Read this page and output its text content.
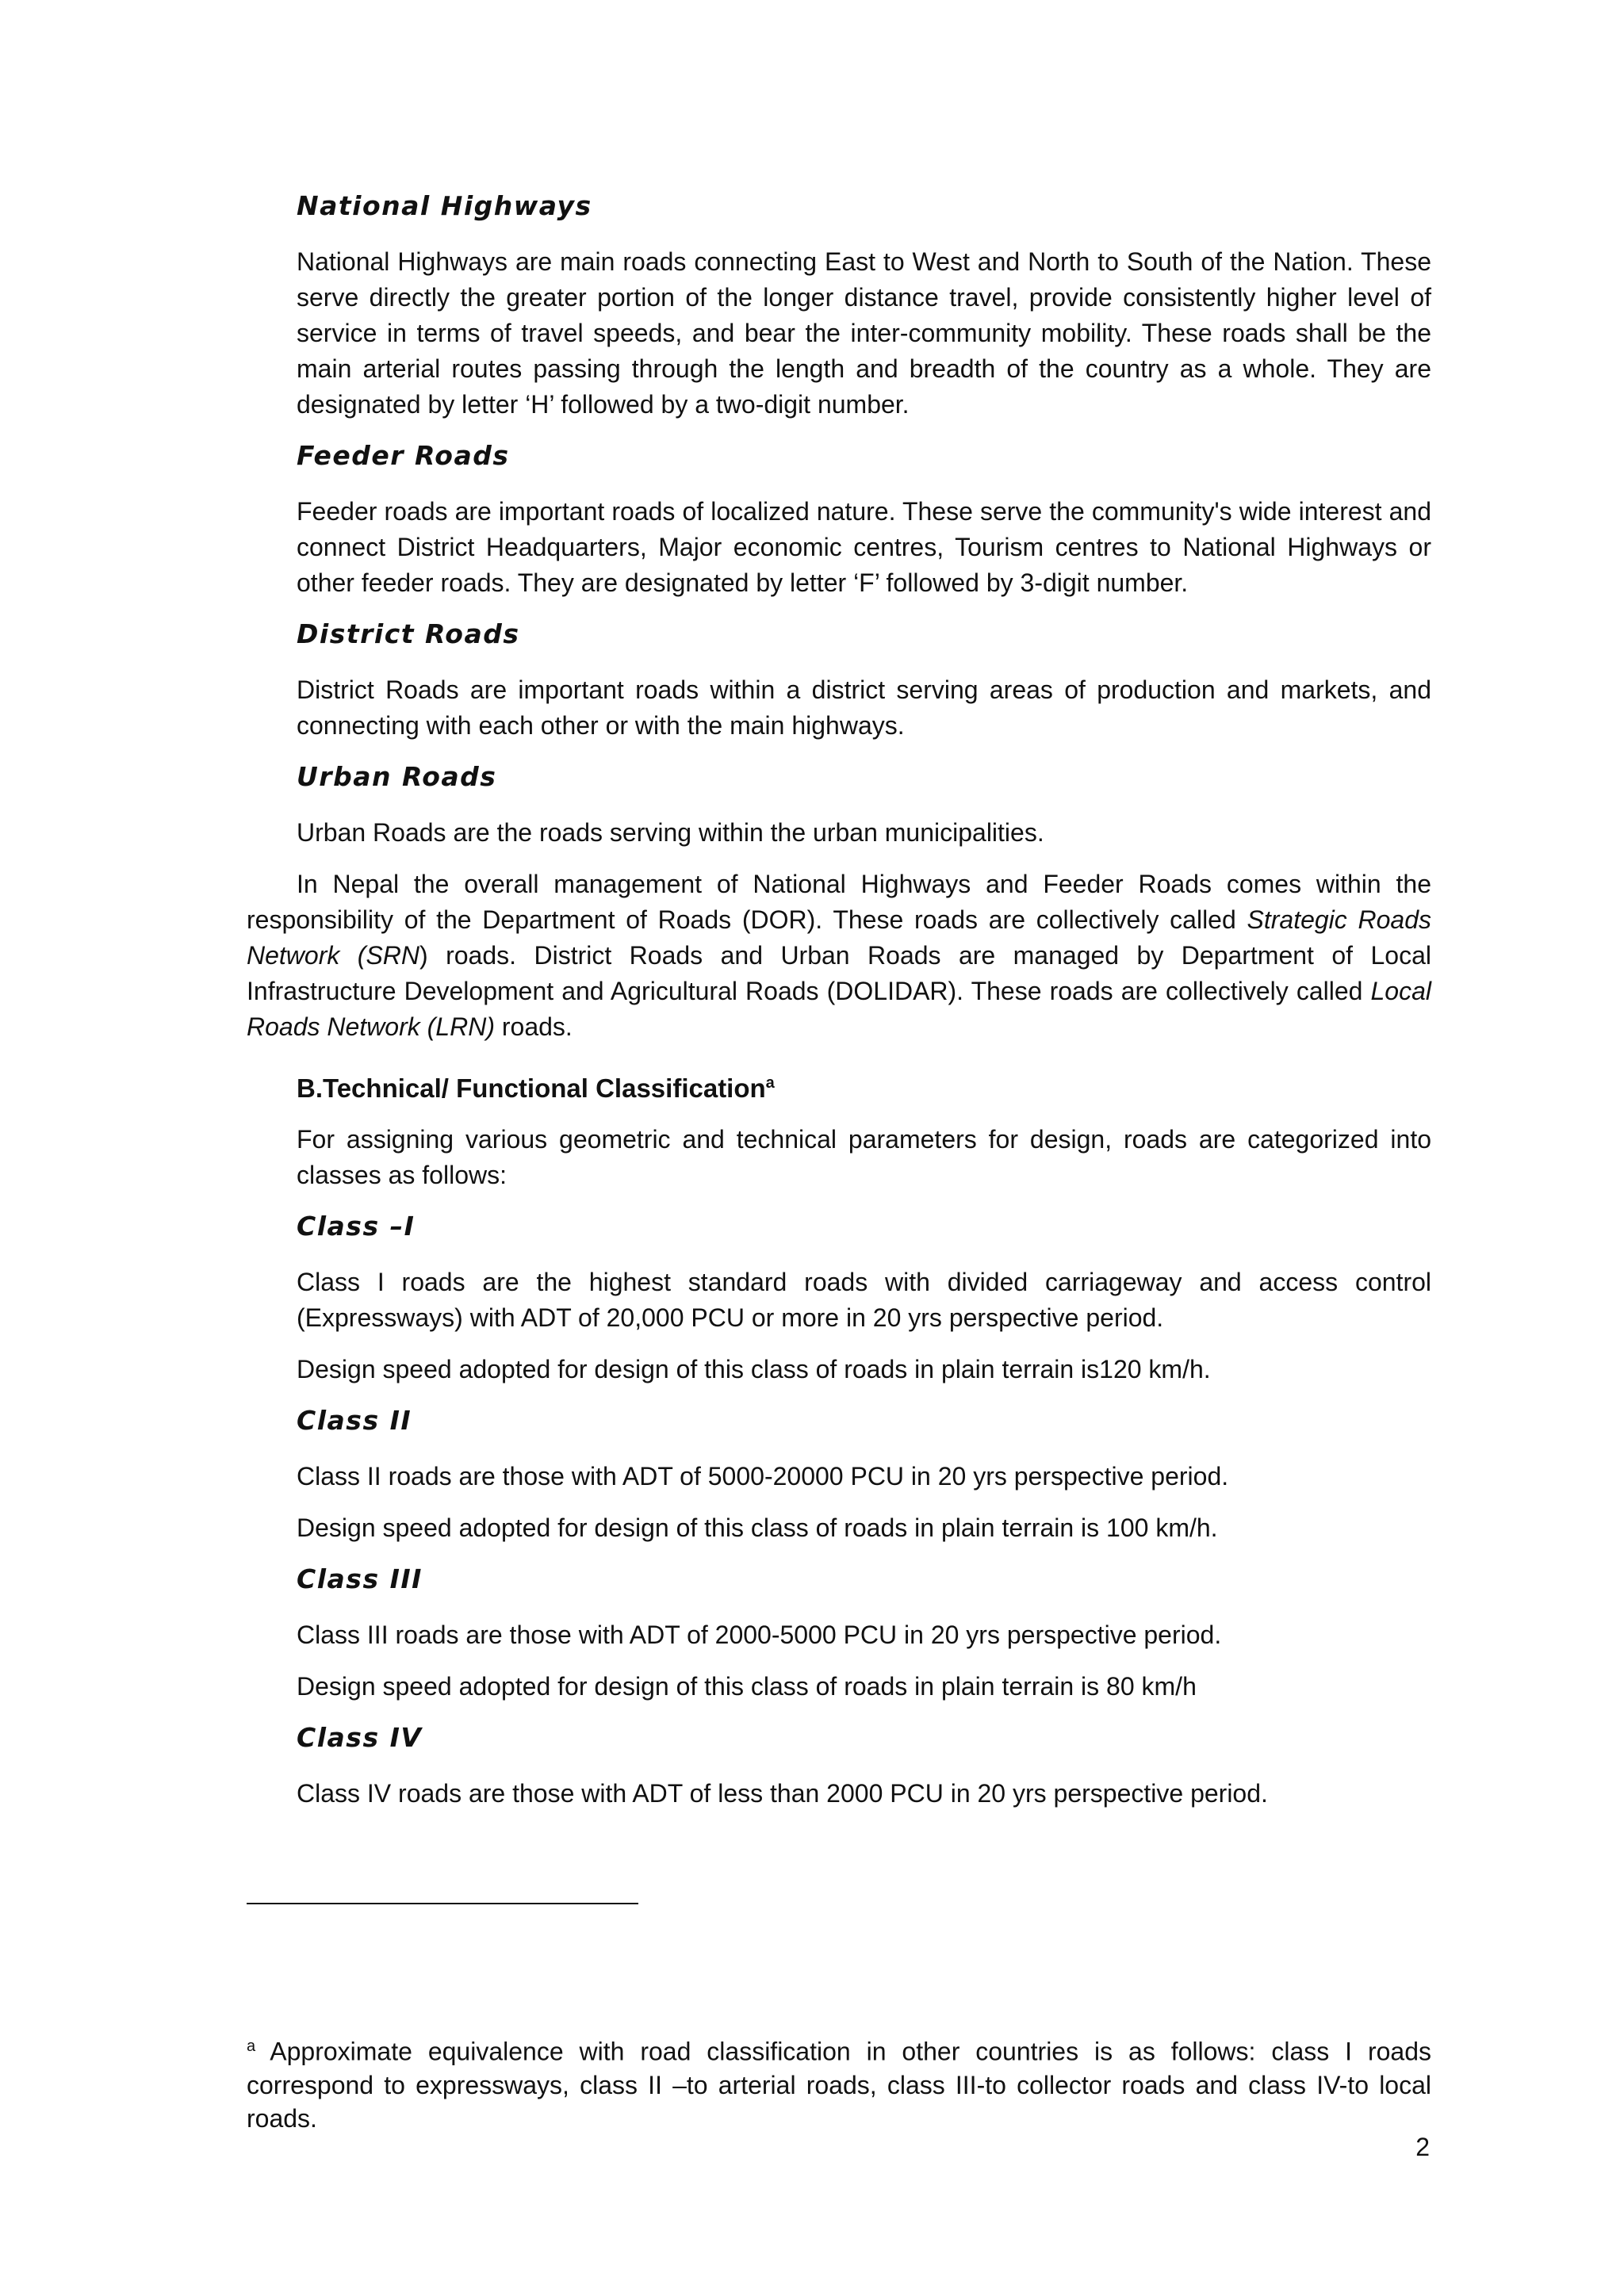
National Highways

National Highways are main roads connecting East to West and North to South of the Nation. These serve directly the greater portion of the longer distance travel, provide consistently higher level of service in terms of travel speeds, and bear the inter-community mobility. These roads shall be the main arterial routes passing through the length and breadth of the country as a whole. They are designated by letter ‘H’ followed by a two-digit number.

Feeder Roads

Feeder roads are important roads of localized nature. These serve the community's wide interest and connect District Headquarters, Major economic centres, Tourism centres to National Highways or other feeder roads. They are designated by letter ‘F’ followed by 3-digit number.

District Roads

District Roads are important roads within a district serving areas of production and markets, and connecting with each other or with the main highways.

Urban Roads

Urban Roads are the roads serving within the urban municipalities.

In Nepal the overall management of National Highways and Feeder Roads comes within the responsibility of the Department of Roads (DOR). These roads are collectively called Strategic Roads Network (SRN) roads. District Roads and Urban Roads are managed by Department of Local Infrastructure Development and Agricultural Roads (DOLIDAR). These roads are collectively called Local Roads Network (LRN) roads.

B.Technical/ Functional Classification$^a$

For assigning various geometric and technical parameters for design, roads are categorized into classes as follows:

Class –I

Class I roads are the highest standard roads with divided carriageway and access control (Expressways) with ADT of 20,000 PCU or more in 20 yrs perspective period.

Design speed adopted for design of this class of roads in plain terrain is120 km/h.

Class II

Class II roads are those with ADT of 5000-20000 PCU in 20 yrs perspective period.

Design speed adopted for design of this class of roads in plain terrain is 100 km/h.

Class III

Class III roads are those with ADT of 2000-5000 PCU in 20 yrs perspective period.

Design speed adopted for design of this class of roads in plain terrain is 80 km/h

Class IV

Class IV roads are those with ADT of less than 2000 PCU in 20 yrs perspective period.

$^a$ Approximate equivalence with road classification in other countries is as follows: class I roads correspond to expressways, class II –to arterial roads, class III-to collector roads and class IV-to local roads.

2
